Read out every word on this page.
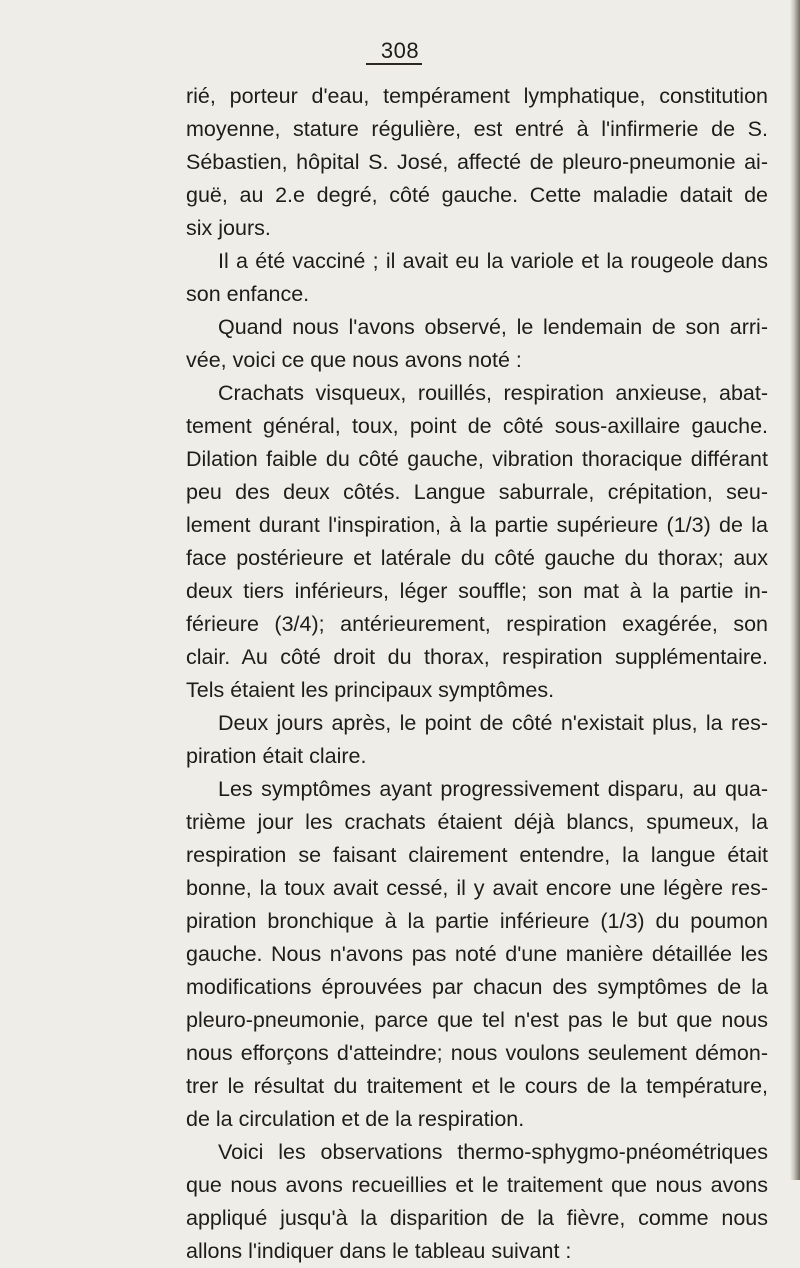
308
rié, porteur d'eau, tempérament lymphatique, constitution
moyenne, stature régulière, est entré à l'infirmerie de S.
Sébastien, hôpital S. José, affecté de pleuro-pneumonie ai-
guë, au 2.e degré, côté gauche. Cette maladie datait de
six jours.
Il a été vacciné ; il avait eu la variole et la rougeole dans
son enfance.
Quand nous l'avons observé, le lendemain de son arri-
vée, voici ce que nous avons noté :
Crachats visqueux, rouillés, respiration anxieuse, abat-
tement général, toux, point de côté sous-axillaire gauche.
Dilation faible du côté gauche, vibration thoracique différant
peu des deux côtés. Langue saburrale, crépitation, seu-
lement durant l'inspiration, à la partie supérieure (1/3) de la
face postérieure et latérale du côté gauche du thorax; aux
deux tiers inférieurs, léger souffle; son mat à la partie in-
férieure (3/4); antérieurement, respiration exagérée, son
clair. Au côté droit du thorax, respiration supplémentaire.
Tels étaient les principaux symptômes.
Deux jours après, le point de côté n'existait plus, la res-
piration était claire.
Les symptômes ayant progressivement disparu, au qua-
trième jour les crachats étaient déjà blancs, spumeux, la
respiration se faisant clairement entendre, la langue était
bonne, la toux avait cessé, il y avait encore une légère res-
piration bronchique à la partie inférieure (1/3) du poumon
gauche. Nous n'avons pas noté d'une manière détaillée les
modifications éprouvées par chacun des symptômes de la
pleuro-pneumonie, parce que tel n'est pas le but que nous
nous efforçons d'atteindre; nous voulons seulement démon-
trer le résultat du traitement et le cours de la température,
de la circulation et de la respiration.
Voici les observations thermo-sphygmo-pnéométriques
que nous avons recueillies et le traitement que nous avons
appliqué jusqu'à la disparition de la fièvre, comme nous
allons l'indiquer dans le tableau suivant :
